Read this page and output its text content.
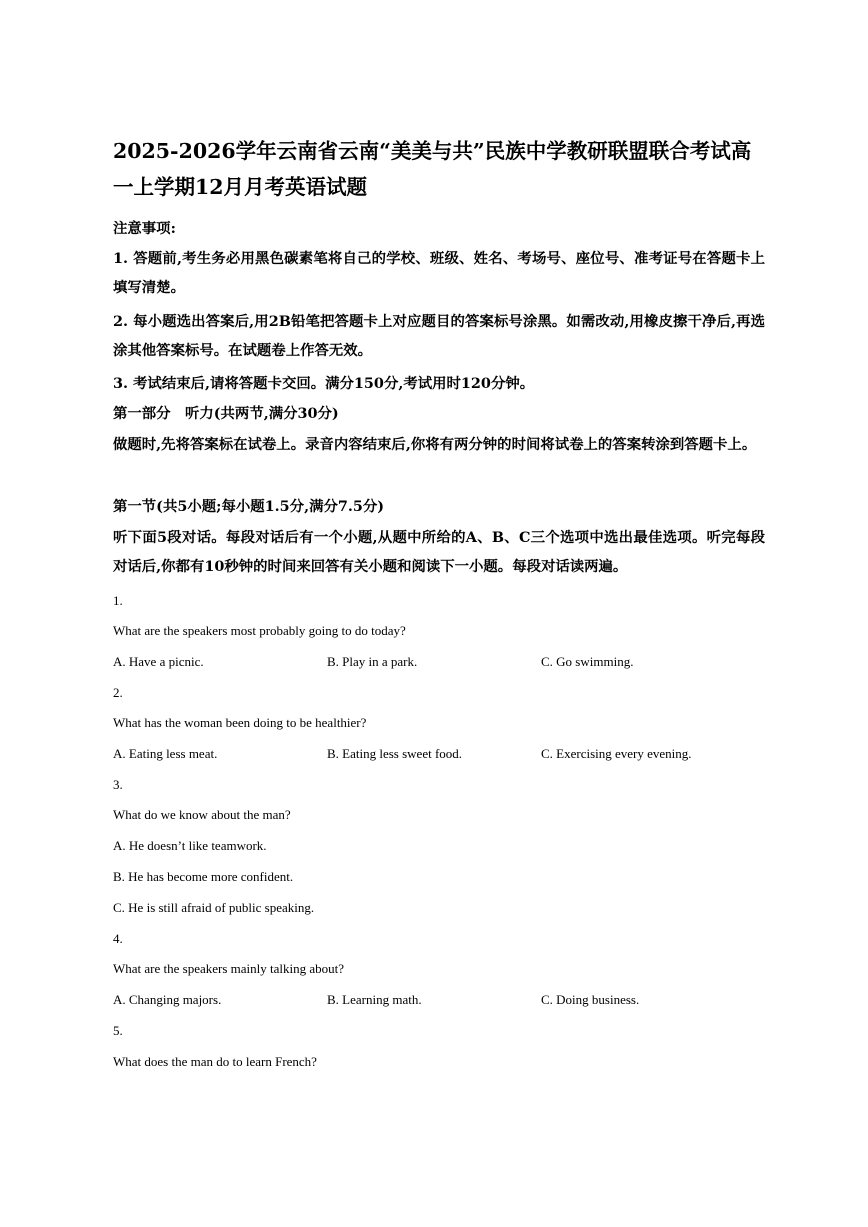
2025-2026学年云南省云南“美美与共”民族中学教研联盟联合考试高
一上学期12月月考英语试题
注意事项:
1. 答题前,考生务必用黑色碳素笔将自己的学校、班级、姓名、考场号、座位号、准考证号在答题卡上填写清楚。
2. 每小题选出答案后,用2B铅笔把答题卡上对应题目的答案标号涂黑。如需改动,用橡皮擦干净后,再选涂其他答案标号。在试题卷上作答无效。
3. 考试结束后,请将答题卡交回。满分150分,考试用时120分钟。
第一部分　听力(共两节,满分30分)
做题时,先将答案标在试卷上。录音内容结束后,你将有两分钟的时间将试卷上的答案转涂到答题卡上。
第一节(共5小题;每小题1.5分,满分7.5分)
听下面5段对话。每段对话后有一个小题,从题中所给的A、B、C三个选项中选出最佳选项。听完每段对话后,你都有10秒钟的时间来回答有关小题和阅读下一小题。每段对话读两遍。
1.
What are the speakers most probably going to do today?
A. Have a picnic.	B. Play in a park.	C. Go swimming.
2.
What has the woman been doing to be healthier?
A. Eating less meat.	B. Eating less sweet food.	C. Exercising every evening.
3.
What do we know about the man?
A. He doesn’t like teamwork.
B. He has become more confident.
C. He is still afraid of public speaking.
4.
What are the speakers mainly talking about?
A. Changing majors.	B. Learning math.	C. Doing business.
5.
What does the man do to learn French?
